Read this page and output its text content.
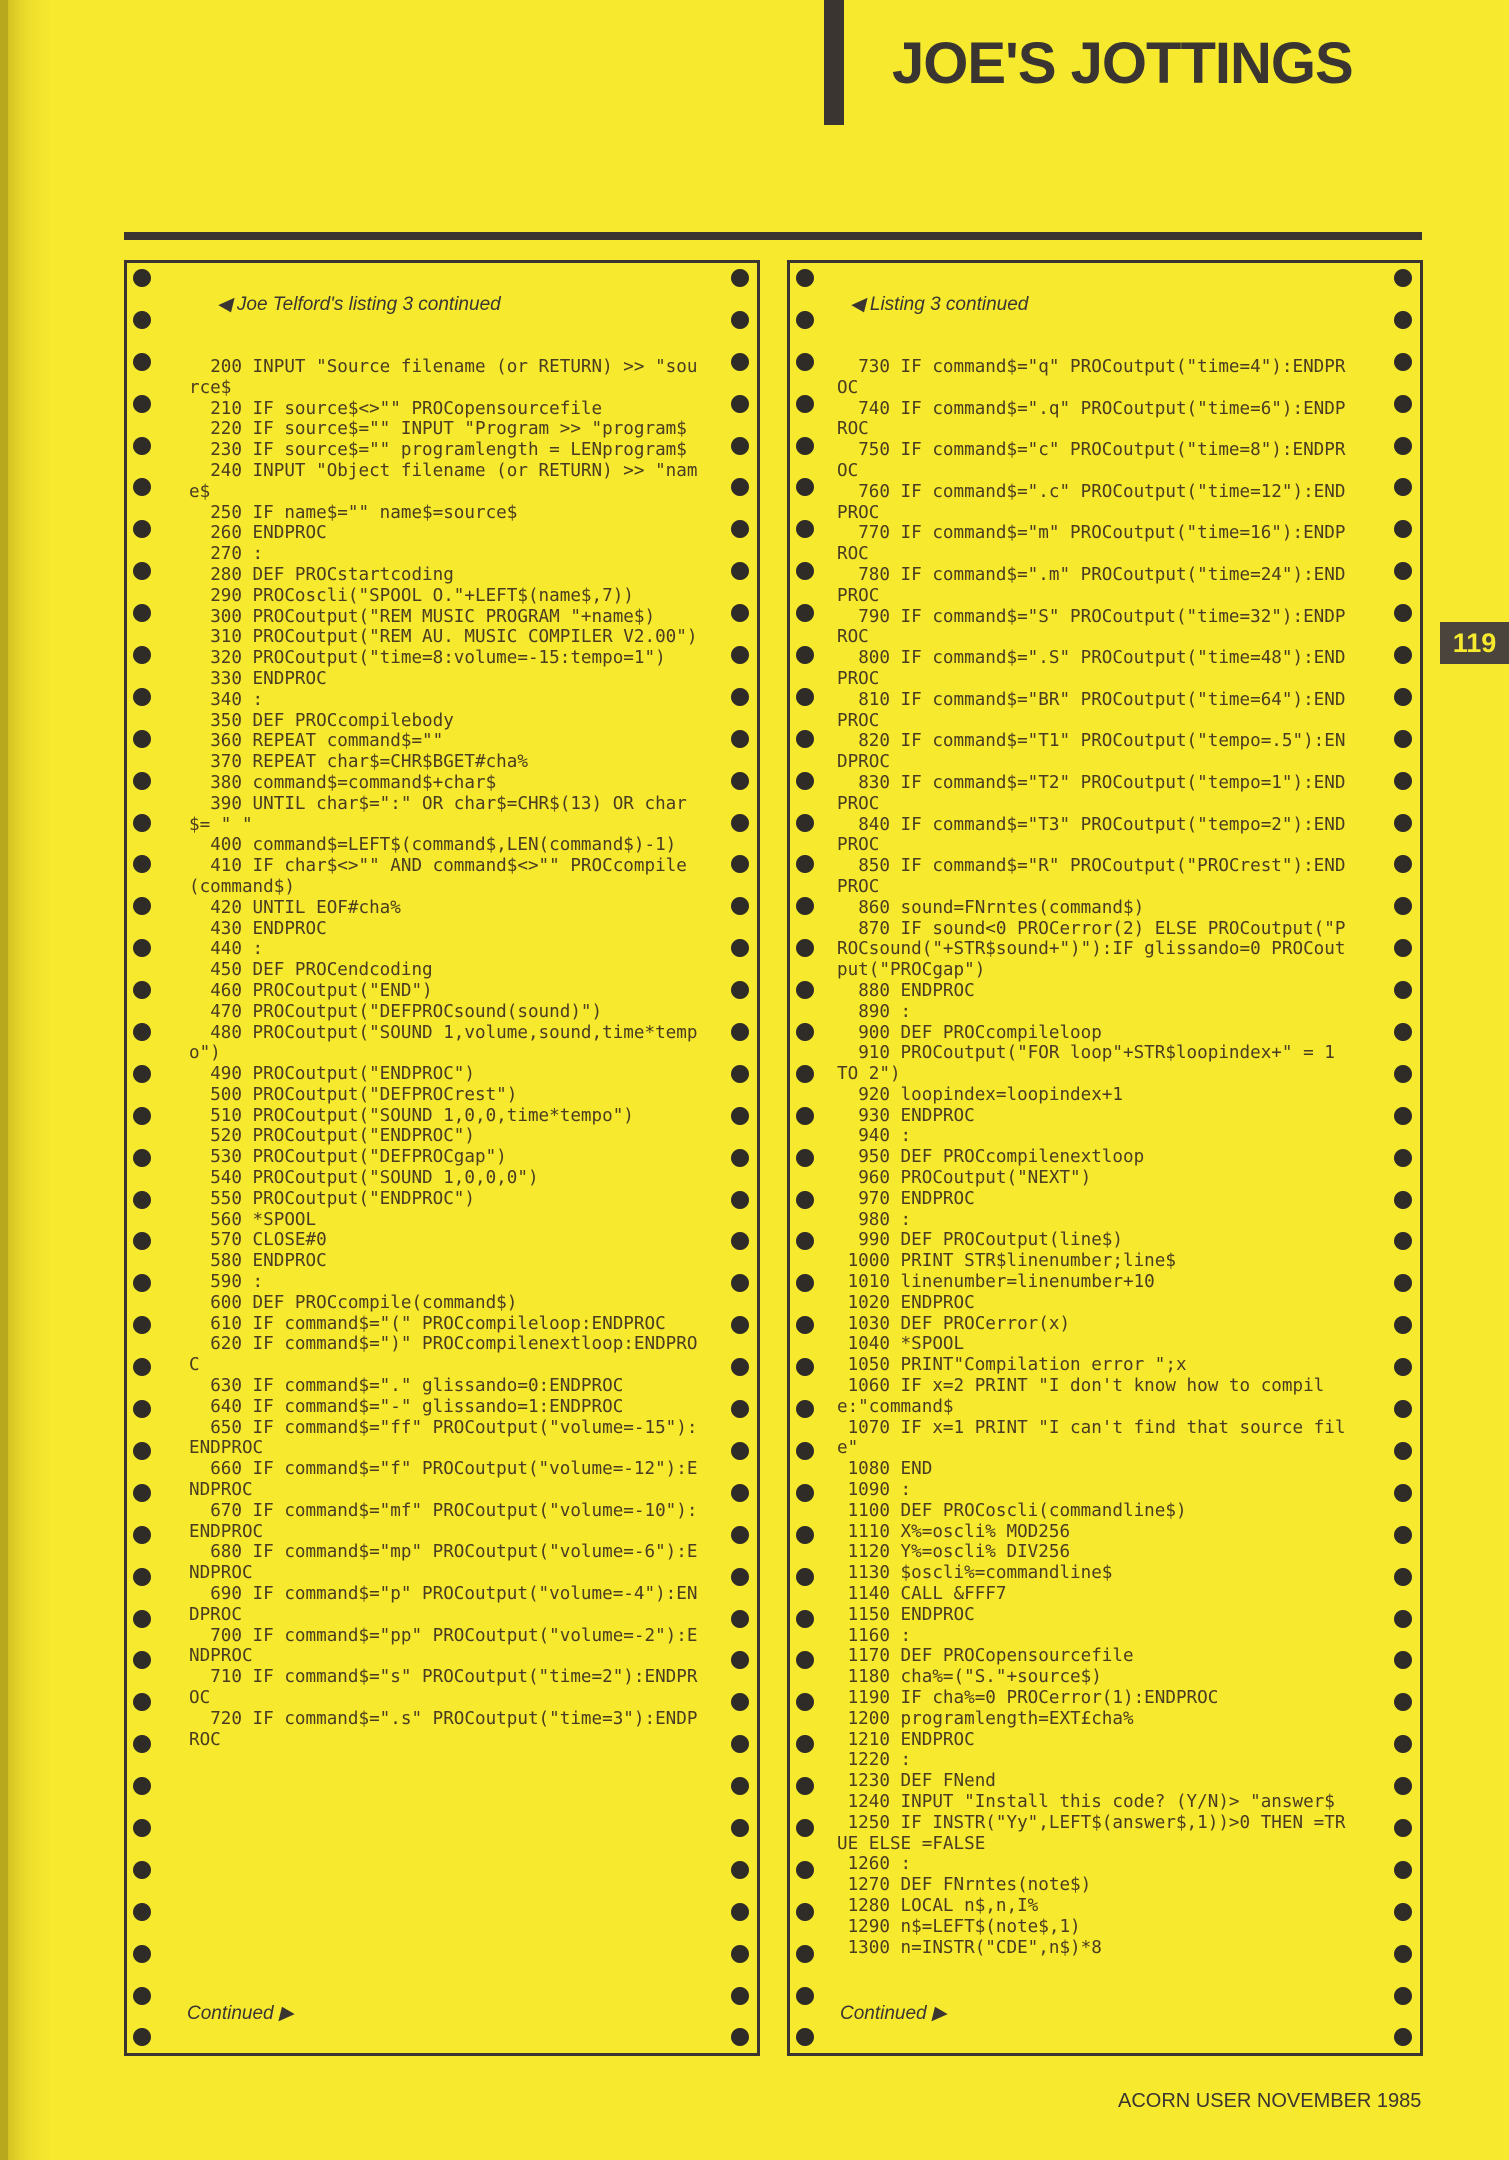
JOE'S JOTTINGS
119
◀ Joe Telford's listing 3 continued
200 INPUT "Source filename (or RETURN) >> "source$
210 IF source$<>"" PROCopensourcefile
220 IF source$="" INPUT "Program >> "program$
230 IF source$="" programlength = LENprogram$
240 INPUT "Object filename (or RETURN) >> "name$
250 IF name$="" name$=source$
260 ENDPROC
270 :
280 DEF PROCstartcoding
290 PROCoscli("SPOOL O."+LEFT$(name$,7))
300 PROCoutput("REM MUSIC PROGRAM "+name$)
310 PROCoutput("REM AU. MUSIC COMPILER V2.00")
320 PROCoutput("time=8:volume=-15:tempo=1")
330 ENDPROC
340 :
350 DEF PROCcompilebody
360 REPEAT command$=""
370 REPEAT char$=CHR$BGET#cha%
380 command$=command$+char$
390 UNTIL char$=":" OR char$=CHR$(13) OR char$= " "
400 command$=LEFT$(command$,LEN(command$)-1)
410 IF char$<>"" AND command$<>"" PROCcompile(command$)
420 UNTIL EOF#cha%
430 ENDPROC
440 :
450 DEF PROCendcoding
460 PROCoutput("END")
470 PROCoutput("DEFPROCsound(sound)")
480 PROCoutput("SOUND 1,volume,sound,time*tempo")
490 PROCoutput("ENDPROC")
500 PROCoutput("DEFPROCrest")
510 PROCoutput("SOUND 1,0,0,time*tempo")
520 PROCoutput("ENDPROC")
530 PROCoutput("DEFPROCgap")
540 PROCoutput("SOUND 1,0,0,0")
550 PROCoutput("ENDPROC")
560 *SPOOL
570 CLOSE#0
580 ENDPROC
590 :
600 DEF PROCcompile(command$)
610 IF command$="(" PROCcompileloop:ENDPROC
620 IF command$=")" PROCcompilenextloop:ENDPROC
630 IF command$="." glissando=0:ENDPROC
640 IF command$="-" glissando=1:ENDPROC
650 IF command$="ff" PROCoutput("volume=-15"):ENDPROC
660 IF command$="f" PROCoutput("volume=-12"):ENDPROC
670 IF command$="mf" PROCoutput("volume=-10"):ENDPROC
680 IF command$="mp" PROCoutput("volume=-6"):ENDPROC
690 IF command$="p" PROCoutput("volume=-4"):ENDPROC
700 IF command$="pp" PROCoutput("volume=-2"):ENDPROC
710 IF command$="s" PROCoutput("time=2"):ENDPROC
720 IF command$=".s" PROCoutput("time=3"):ENDPROC
Continued ▶
◀ Listing 3 continued
730 IF command$="q" PROCoutput("time=4"):ENDPROC
740 IF command$=".q" PROCoutput("time=6"):ENDPROC
750 IF command$="c" PROCoutput("time=8"):ENDPROC
760 IF command$=".c" PROCoutput("time=12"):ENDPROC
770 IF command$="m" PROCoutput("time=16"):ENDPROC
780 IF command$=".m" PROCoutput("time=24"):ENDPROC
790 IF command$="S" PROCoutput("time=32"):ENDPROC
800 IF command$=".S" PROCoutput("time=48"):ENDPROC
810 IF command$="BR" PROCoutput("time=64"):ENDPROC
820 IF command$="T1" PROCoutput("tempo=.5"):ENDPROC
830 IF command$="T2" PROCoutput("tempo=1"):ENDPROC
840 IF command$="T3" PROCoutput("tempo=2"):ENDPROC
850 IF command$="R" PROCoutput("PROCrest"):ENDPROC
860 sound=FNrntes(command$)
870 IF sound<0 PROCerror(2) ELSE PROCoutput("PROCsound("+STR$sound+")"):IF glissando=0 PROCoutput("PROCgap")
880 ENDPROC
890 :
900 DEF PROCcompileloop
910 PROCoutput("FOR loop"+STR$loopindex+" = 1 TO 2")
920 loopindex=loopindex+1
930 ENDPROC
940 :
950 DEF PROCcompilenextloop
960 PROCoutput("NEXT")
970 ENDPROC
980 :
990 DEF PROCoutput(line$)
1000 PRINT STR$linenumber;line$
1010 linenumber=linenumber+10
1020 ENDPROC
1030 DEF PROCerror(x)
1040 *SPOOL
1050 PRINT"Compilation error ";x
1060 IF x=2 PRINT "I don't know how to compile:"command$
1070 IF x=1 PRINT "I can't find that source file"
1080 END
1090 :
1100 DEF PROCoscli(commandline$)
1110 X%=oscli% MOD256
1120 Y%=oscli% DIV256
1130 $oscli%=commandline$
1140 CALL &FFF7
1150 ENDPROC
1160 :
1170 DEF PROCopensourcefile
1180 cha%=("S."+source$)
1190 IF cha%=0 PROCerror(1):ENDPROC
1200 programlength=EXT£cha%
1210 ENDPROC
1220 :
1230 DEF FNend
1240 INPUT "Install this code? (Y/N)> "answer$
1250 IF INSTR("Yy",LEFT$(answer$,1))>0 THEN =TRUE ELSE =FALSE
1260 :
1270 DEF FNrntes(note$)
1280 LOCAL n$,n,I%
1290 n$=LEFT$(note$,1)
1300 n=INSTR("CDE",n$)*8
Continued ▶
ACORN USER NOVEMBER 1985
